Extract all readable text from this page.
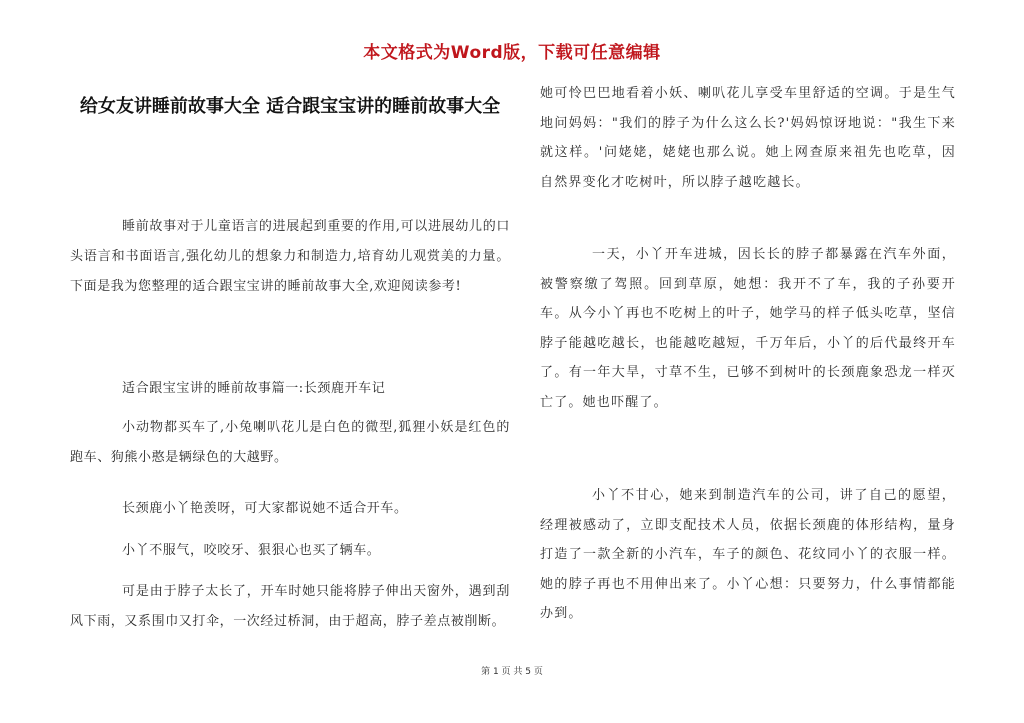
本文格式为Word版，下载可任意编辑
给女友讲睡前故事大全 适合跟宝宝讲的睡前故事大全

睡前故事对于儿童语言的进展起到重要的作用,可以进展幼儿的口头语言和书面语言,强化幼儿的想象力和制造力,培育幼儿观赏美的力量。下面是我为您整理的适合跟宝宝讲的睡前故事大全,欢迎阅读参考!

适合跟宝宝讲的睡前故事篇一:长颈鹿开车记

小动物都买车了,小兔喇叭花儿是白色的微型,狐狸小妖是红色的跑车、狗熊小憨是辆绿色的大越野。

长颈鹿小丫艳羡呀，可大家都说她不适合开车。

小丫不服气，咬咬牙、狠狠心也买了辆车。

可是由于脖子太长了，开车时她只能将脖子伸出天窗外，遇到刮风下雨，又系围巾又打伞，一次经过桥洞，由于超高，脖子差点被削断。

她可怜巴巴地看着小妖、喇叭花儿享受车里舒适的空调。于是生气地问妈妈："我们的脖子为什么这么长?'妈妈惊讶地说："我生下来就这样。'问姥姥，姥姥也那么说。她上网查原来祖先也吃草，因自然界变化才吃树叶，所以脖子越吃越长。

一天，小丫开车进城，因长长的脖子都暴露在汽车外面，被警察缴了驾照。回到草原，她想：我开不了车，我的子孙要开车。从今小丫再也不吃树上的叶子，她学马的样子低头吃草，坚信脖子能越吃越长，也能越吃越短，千万年后，小丫的后代最终开车了。有一年大旱，寸草不生，已够不到树叶的长颈鹿象恐龙一样灭亡了。她也吓醒了。

小丫不甘心，她来到制造汽车的公司，讲了自己的愿望，经理被感动了，立即支配技术人员，依据长颈鹿的体形结构，量身打造了一款全新的小汽车，车子的颜色、花纹同小丫的衣服一样。她的脖子再也不用伸出来了。小丫心想：只要努力，什么事情都能办到。

第 1 页 共 5 页
